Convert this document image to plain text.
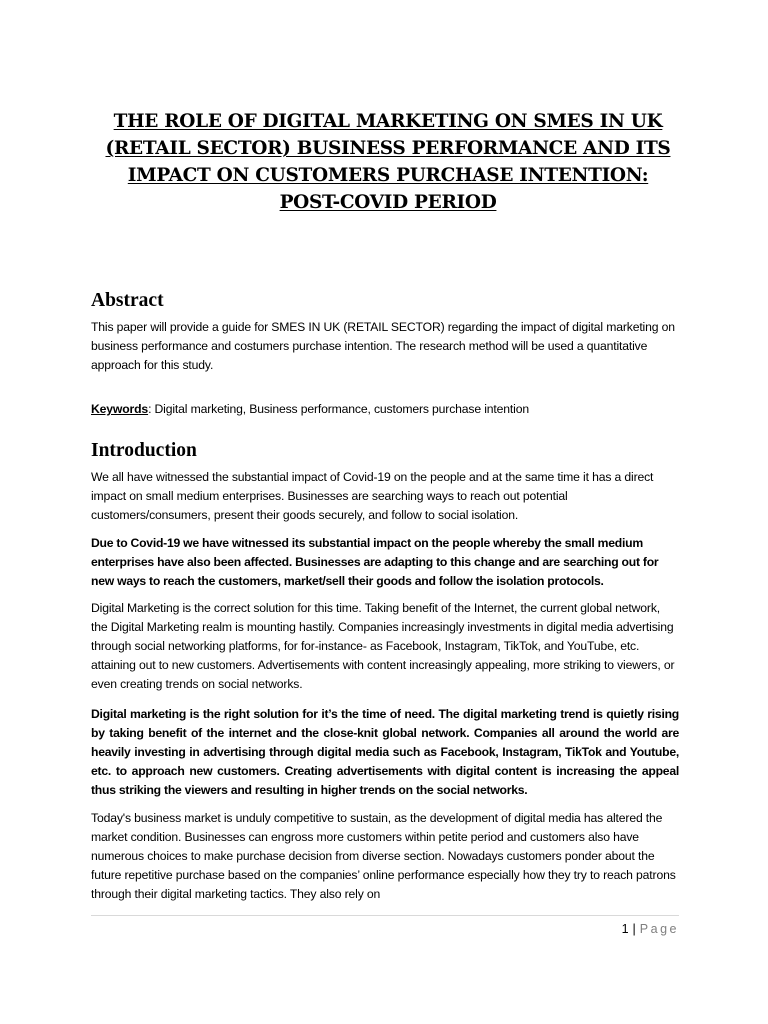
THE ROLE OF DIGITAL MARKETING ON SMES IN UK (RETAIL SECTOR) BUSINESS PERFORMANCE AND ITS IMPACT ON CUSTOMERS PURCHASE INTENTION: POST-COVID PERIOD
Abstract

This paper will provide a guide for SMES IN UK (RETAIL SECTOR) regarding the impact of digital marketing on business performance and costumers purchase intention. The research method will be used a quantitative approach for this study.

Keywords: Digital marketing, Business performance, customers purchase intention

Introduction

We all have witnessed the substantial impact of Covid-19 on the people and at the same time it has a direct impact on small medium enterprises. Businesses are searching ways to reach out potential customers/consumers, present their goods securely, and follow to social isolation.

Due to Covid-19 we have witnessed its substantial impact on the people whereby the small medium enterprises have also been affected. Businesses are adapting to this change and are searching out for new ways to reach the customers, market/sell their goods and follow the isolation protocols.

Digital Marketing is the correct solution for this time. Taking benefit of the Internet, the current global network, the Digital Marketing realm is mounting hastily. Companies increasingly investments in digital media advertising through social networking platforms, for for-instance- as Facebook, Instagram, TikTok, and YouTube, etc. attaining out to new customers. Advertisements with content increasingly appealing, more striking to viewers, or even creating trends on social networks.

Digital marketing is the right solution for it’s the time of need. The digital marketing trend is quietly rising by taking benefit of the internet and the close-knit global network. Companies all around the world are heavily investing in advertising through digital media such as Facebook, Instagram, TikTok and Youtube, etc. to approach new customers. Creating advertisements with digital content is increasing the appeal thus striking the viewers and resulting in higher trends on the social networks.

Today's business market is unduly competitive to sustain, as the development of digital media has altered the market condition. Businesses can engross more customers within petite period and customers also have numerous choices to make purchase decision from diverse section. Nowadays customers ponder about the future repetitive purchase based on the companies’ online performance especially how they try to reach patrons through their digital marketing tactics. They also rely on

1 | Page
